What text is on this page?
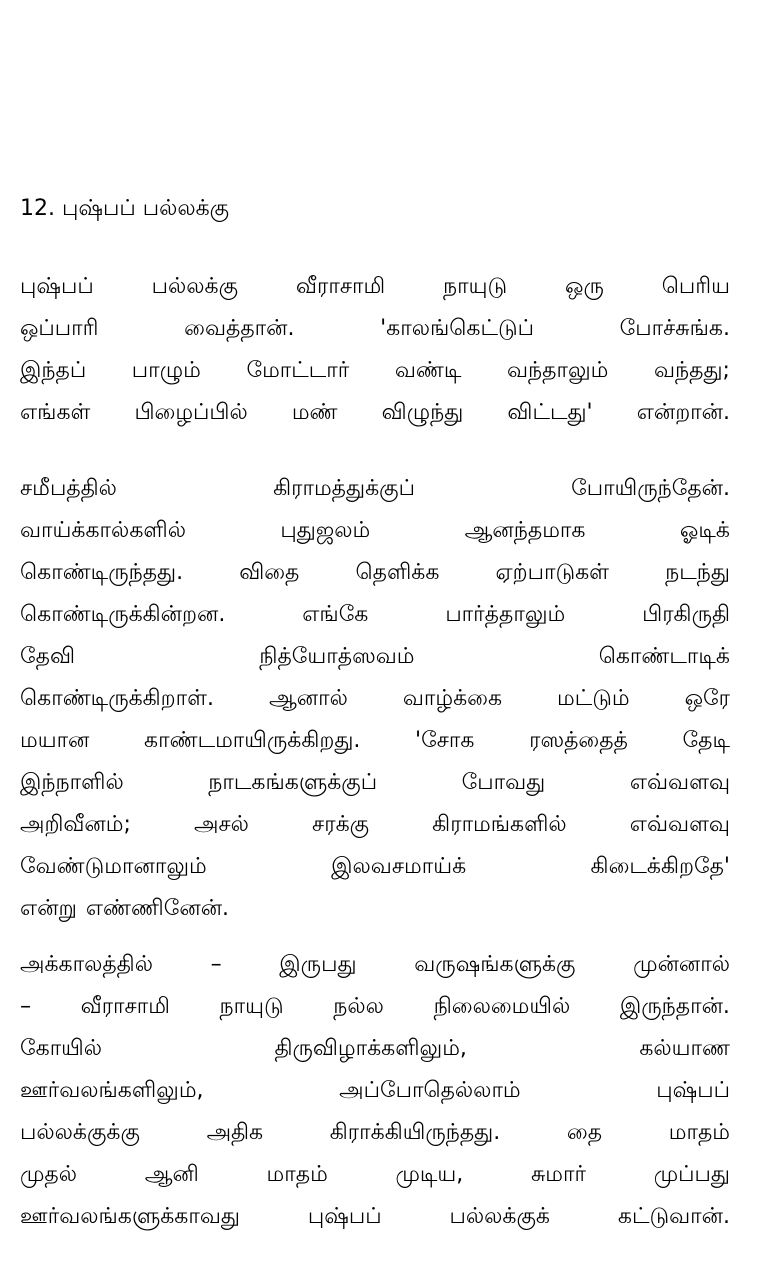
12. புஷ்பப் பல்லக்கு
புஷ்பப்	பல்லக்கு	வீராசாமி	நாயுடு	ஒரு	பெரிய
ஒப்பாரி	வைத்தான்.	'காலங்கெட்டுப்	போச்சுங்க.
இந்தப் பாழும் மோட்டார் வண்டி வந்தாலும் வந்தது;
எங்கள் பிழைப்பில் மண் விழுந்து விட்டது' என்றான்.
சமீபத்தில்	கிராமத்துக்குப்	போயிருந்தேன்.
வாய்க்கால்களில்	புதுஜலம்	ஆனந்தமாக	ஓடிக்
கொண்டிருந்தது.	விதை	தெளிக்க	ஏற்பாடுகள்	நடந்து
கொண்டிருக்கின்றன.	எங்கே	பார்த்தாலும்	பிரகிருதி
தேவி	நித்யோத்ஸவம்	கொண்டாடிக்
கொண்டிருக்கிறாள். ஆனால் வாழ்க்கை மட்டும் ஒரே
மயான காண்டமாயிருக்கிறது. 'சோக ரஸத்தைத் தேடி
இந்நாளில்	நாடகங்களுக்குப்	போவது	எவ்வளவு
அறிவீனம்;	அசல்	சரக்கு	கிராமங்களில்	எவ்வளவு
வேண்டுமானாலும்	இலவசமாய்க்	கிடைக்கிறதே'
என்று எண்ணினேன்.
அக்காலத்தில்	–	இருபது	வருஷங்களுக்கு	முன்னால்
– வீராசாமி நாயுடு நல்ல நிலைமையில் இருந்தான்.
கோயில்	திருவிழாக்களிலும்,	கல்யாண
ஊர்வலங்களிலும்,	அப்போதெல்லாம்	புஷ்பப்
பல்லக்குக்கு	அதிக	கிராக்கியிருந்தது.	தை	மாதம்
முதல்	ஆனி	மாதம்	முடிய,	சுமார்	முப்பது
ஊர்வலங்களுக்காவது	புஷ்பப்	பல்லக்குக்	கட்டுவான்.
